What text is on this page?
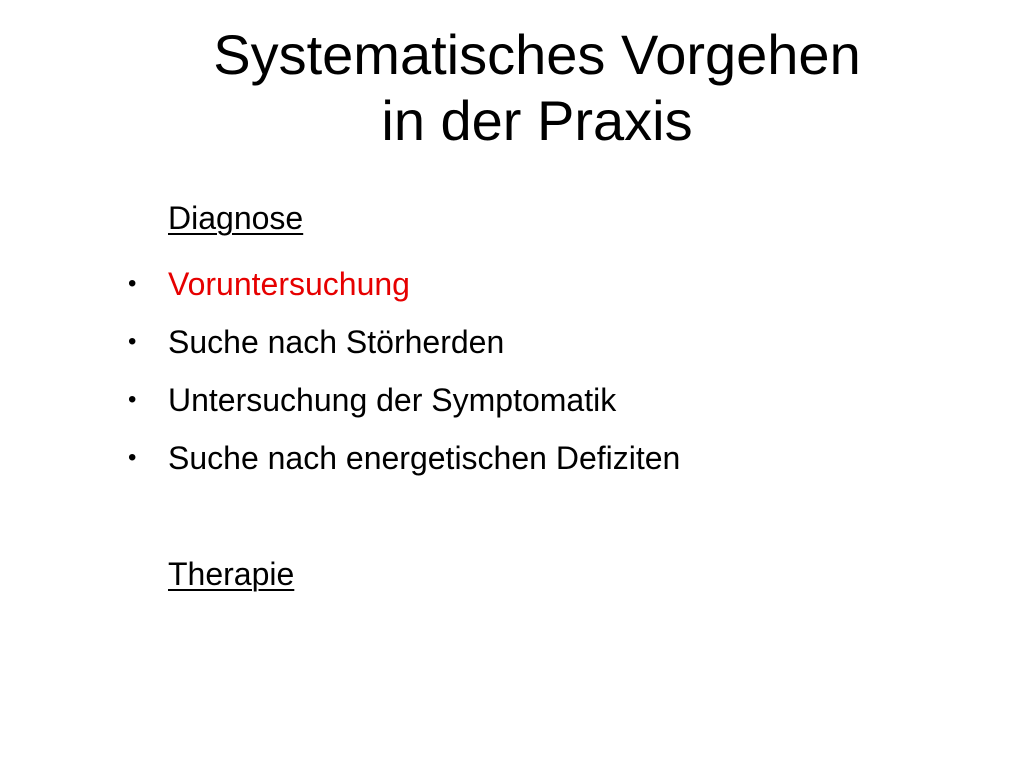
Systematisches Vorgehen
in der Praxis
Diagnose
• Voruntersuchung
• Suche nach Störherden
• Untersuchung der Symptomatik
• Suche nach energetischen Defiziten
Therapie
